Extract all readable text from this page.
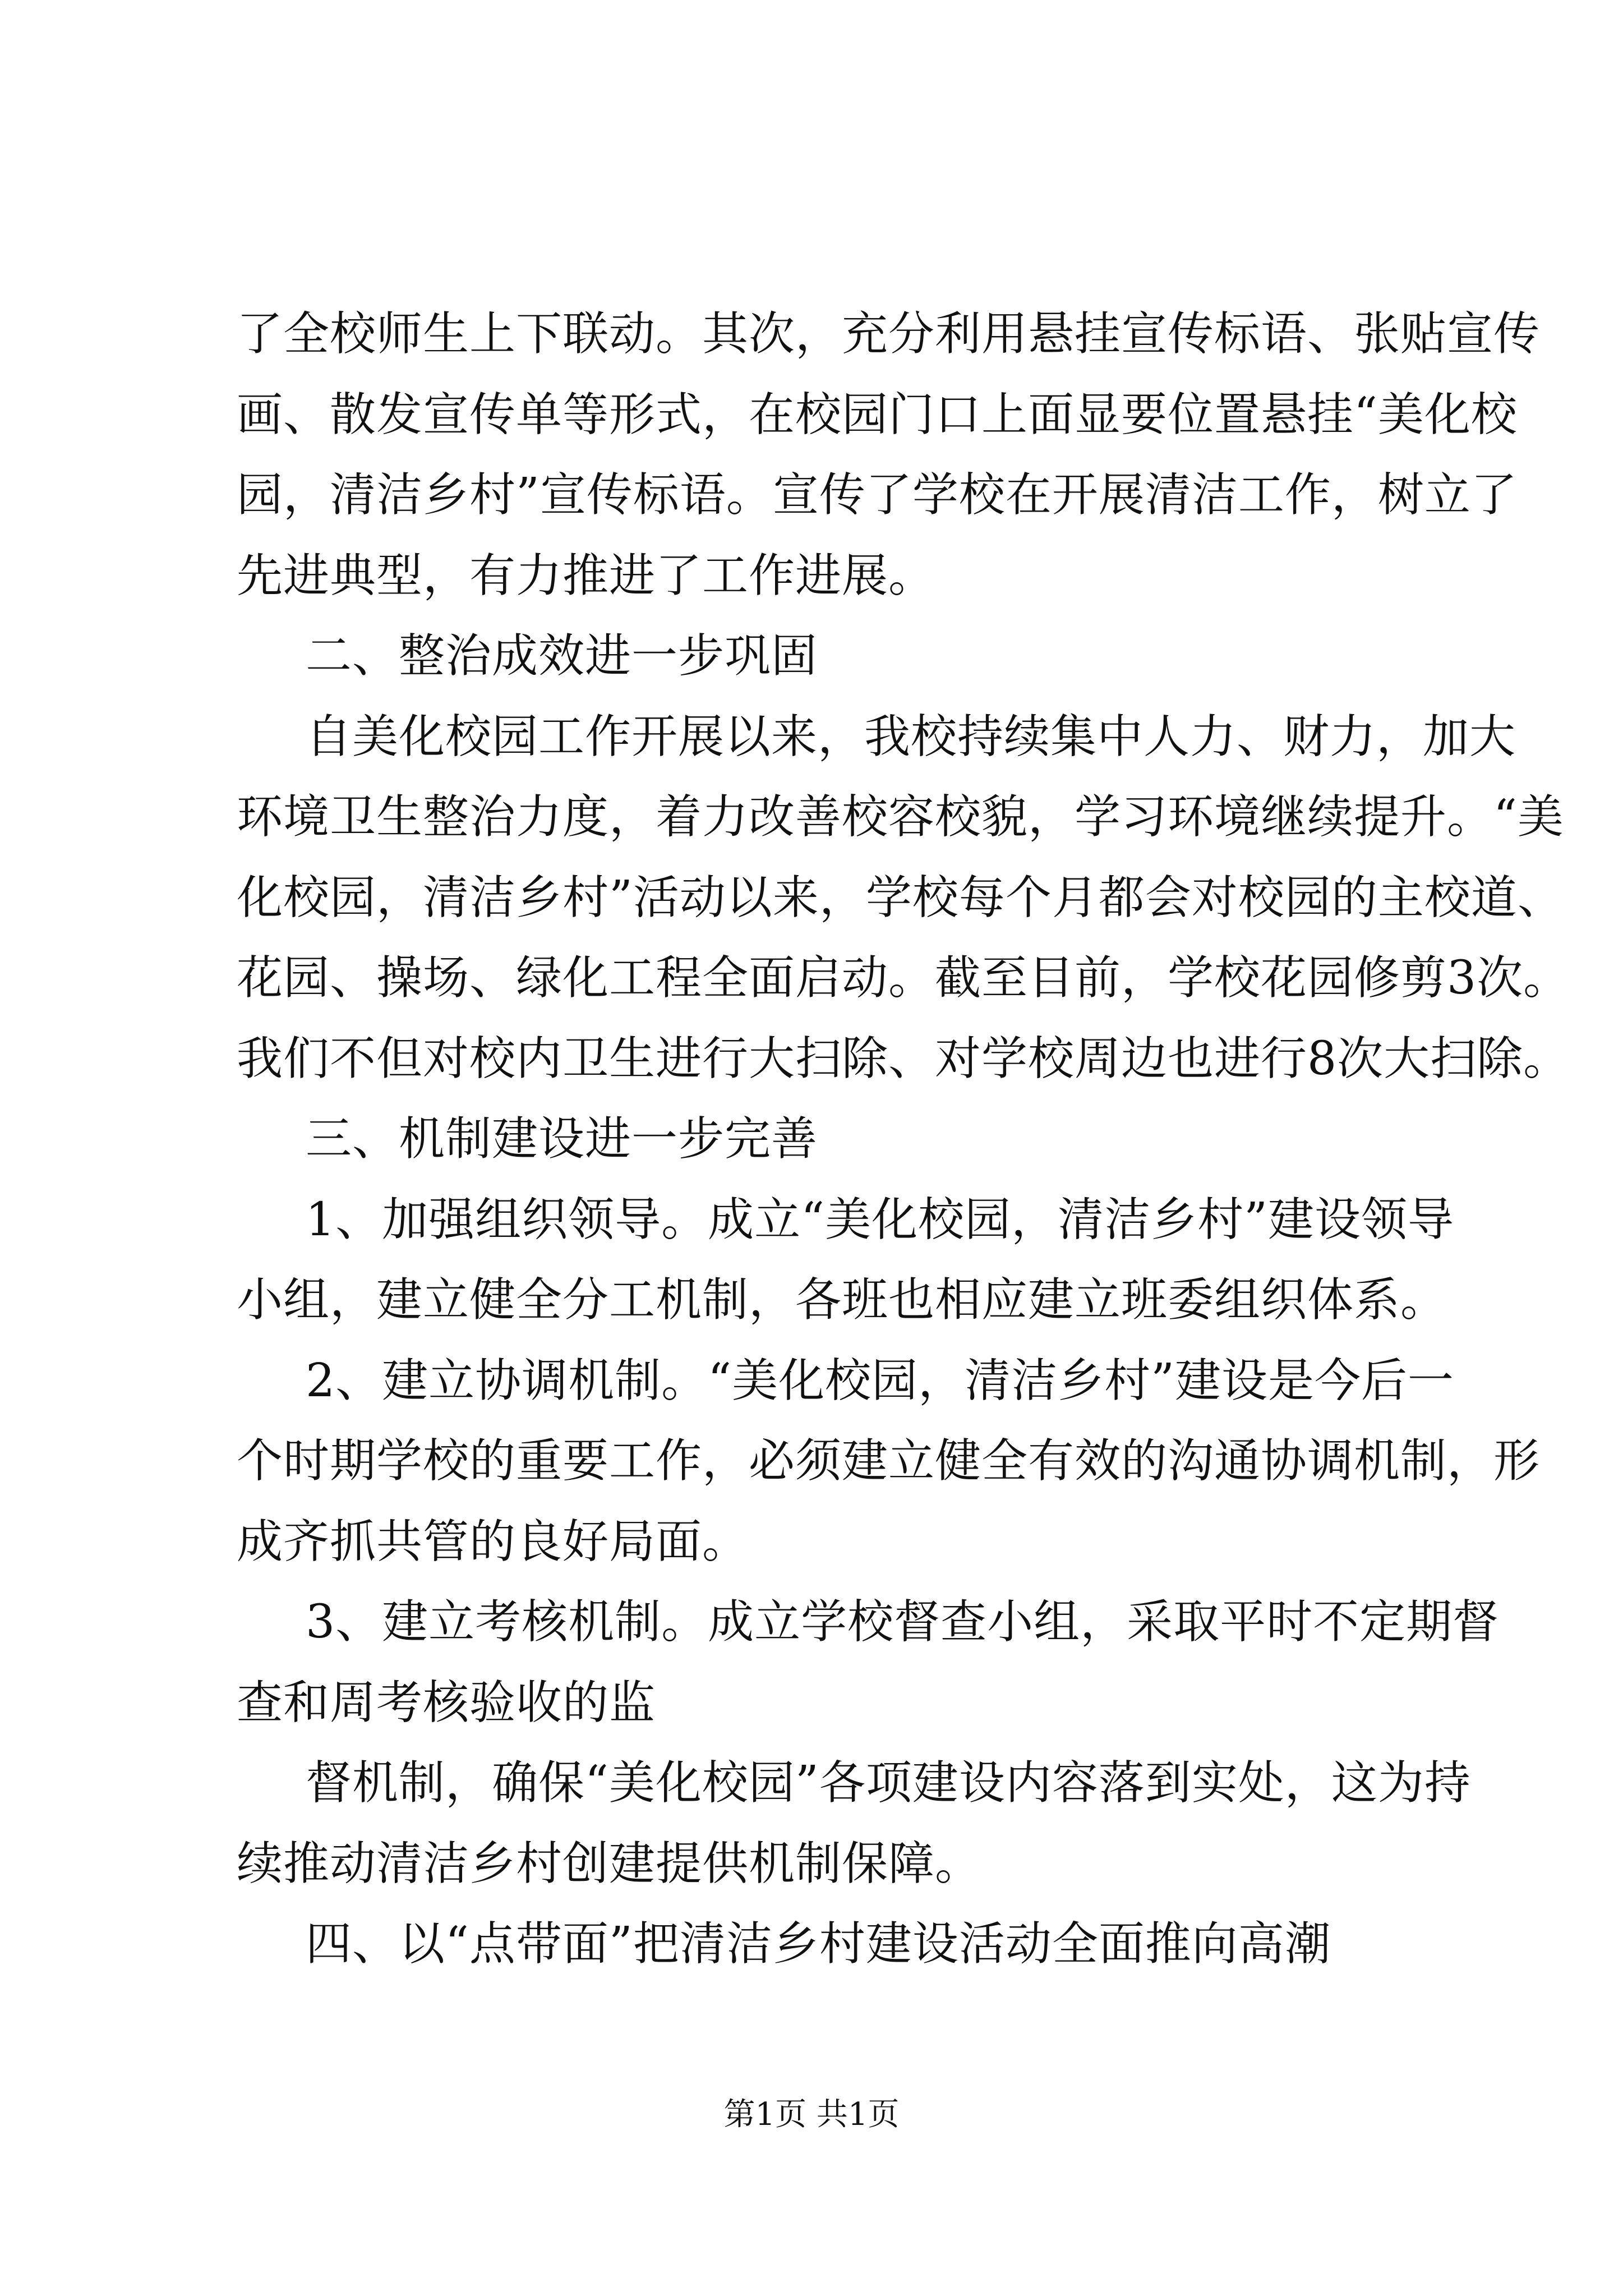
了全校师生上下联动。其次，充分利用悬挂宣传标语、张贴宣传
画、散发宣传单等形式，在校园门口上面显要位置悬挂“美化校
园，清洁乡村”宣传标语。宣传了学校在开展清洁工作，树立了
先进典型，有力推进了工作进展。
二、整治成效进一步巩固
自美化校园工作开展以来，我校持续集中人力、财力，加大
环境卫生整治力度，着力改善校容校貌，学习环境继续提升。“美
化校园，清洁乡村”活动以来，学校每个月都会对校园的主校道、
花园、操场、绿化工程全面启动。截至目前，学校花园修剪3次。
我们不但对校内卫生进行大扫除、对学校周边也进行8次大扫除。
三、机制建设进一步完善
1、加强组织领导。成立“美化校园，清洁乡村”建设领导
小组，建立健全分工机制，各班也相应建立班委组织体系。
2、建立协调机制。“美化校园，清洁乡村”建设是今后一
个时期学校的重要工作，必须建立健全有效的沟通协调机制，形
成齐抓共管的良好局面。
3、建立考核机制。成立学校督查小组，采取平时不定期督
查和周考核验收的监
督机制，确保“美化校园”各项建设内容落到实处，这为持
续推动清洁乡村创建提供机制保障。
四、以“点带面”把清洁乡村建设活动全面推向高潮
第1页 共1页
